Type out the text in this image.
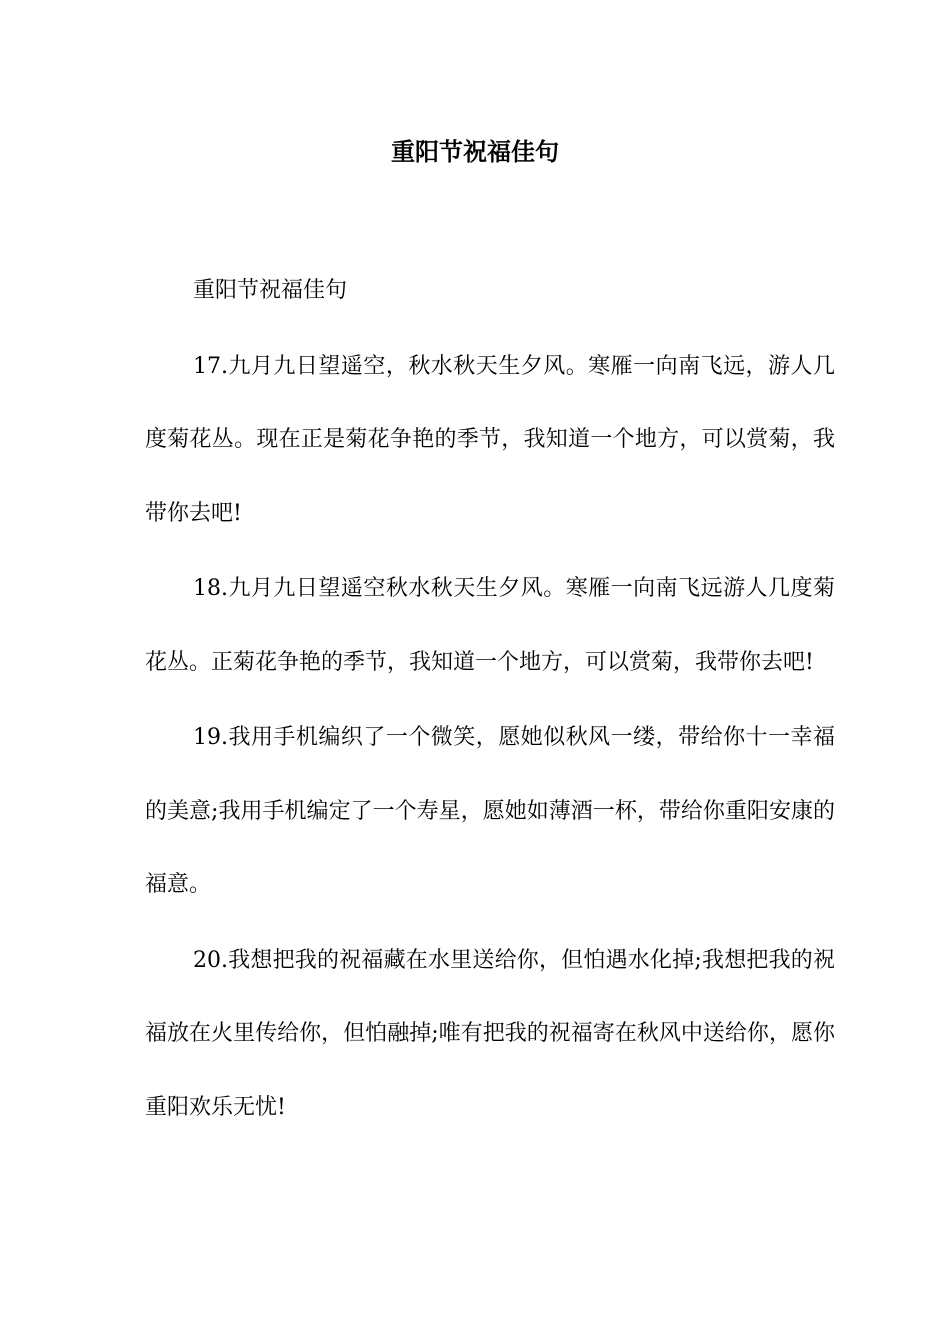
重阳节祝福佳句

重阳节祝福佳句

17.九月九日望遥空，秋水秋天生夕风。寒雁一向南飞远，游人几度菊花丛。现在正是菊花争艳的季节，我知道一个地方，可以赏菊，我带你去吧!

18.九月九日望遥空秋水秋天生夕风。寒雁一向南飞远游人几度菊花丛。正菊花争艳的季节，我知道一个地方，可以赏菊，我带你去吧!

19.我用手机编织了一个微笑，愿她似秋风一缕，带给你十一幸福的美意;我用手机编定了一个寿星，愿她如薄酒一杯，带给你重阳安康的福意。

20.我想把我的祝福藏在水里送给你，但怕遇水化掉;我想把我的祝福放在火里传给你，但怕融掉;唯有把我的祝福寄在秋风中送给你，愿你重阳欢乐无忧!
